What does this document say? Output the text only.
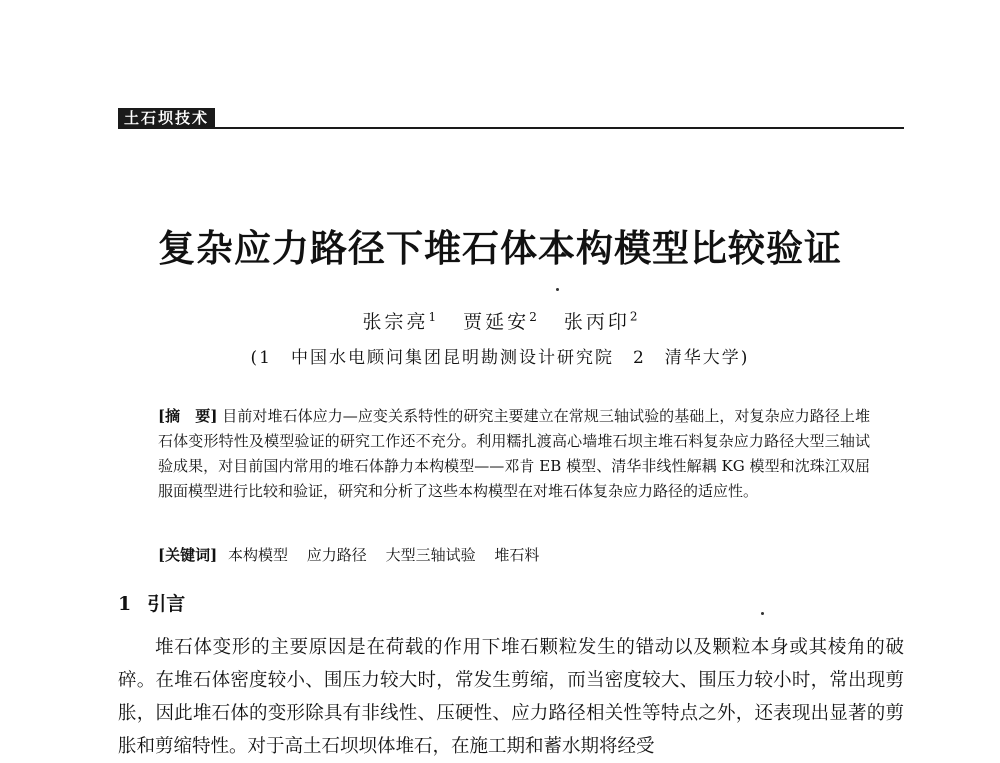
土石坝技术
复杂应力路径下堆石体本构模型比较验证
张宗亮$^1$ 贾延安$^2$ 张丙印$^2$
(1　中国水电顾问集团昆明勘测设计研究院　2　清华大学)
[摘　要] 目前对堆石体应力—应变关系特性的研究主要建立在常规三轴试验的基础上，对复杂应力路径上堆石体变形特性及模型验证的研究工作还不充分。利用糯扎渡高心墙堆石坝主堆石料复杂应力路径大型三轴试验成果，对目前国内常用的堆石体静力本构模型——邓肯 EB 模型、清华非线性解耦 KG 模型和沈珠江双屈服面模型进行比较和验证，研究和分析了这些本构模型在对堆石体复杂应力路径的适应性。
[关键词] 本构模型 应力路径 大型三轴试验 堆石料
1 引言
堆石体变形的主要原因是在荷载的作用下堆石颗粒发生的错动以及颗粒本身或其棱角的破碎。在堆石体密度较小、围压力较大时，常发生剪缩，而当密度较大、围压力较小时，常出现剪胀，因此堆石体的变形除具有非线性、压硬性、应力路径相关性等特点之外，还表现出显著的剪胀和剪缩特性。对于高土石坝坝体堆石，在施工期和蓄水期将经受
